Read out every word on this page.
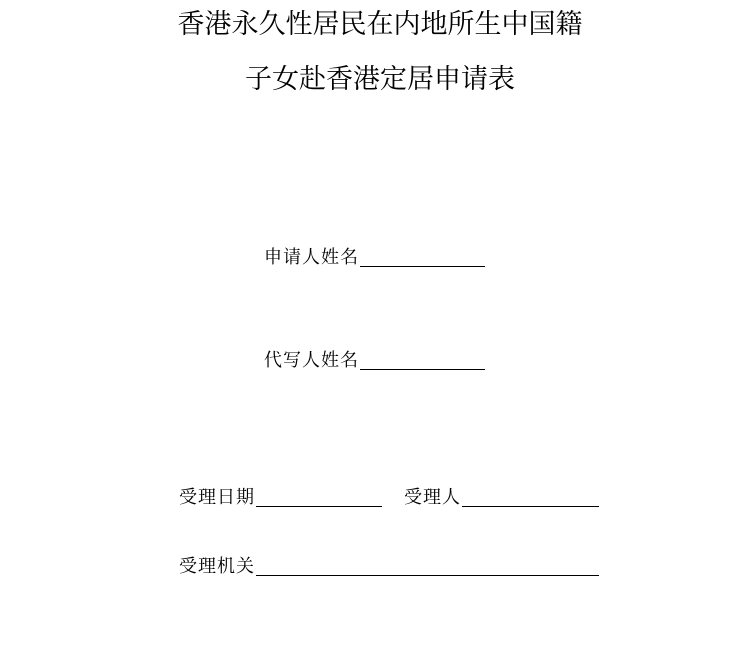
香港永久性居民在内地所生中国籍
子女赴香港定居申请表
申请人姓名
代写人姓名
受理日期	受理人
受理机关
